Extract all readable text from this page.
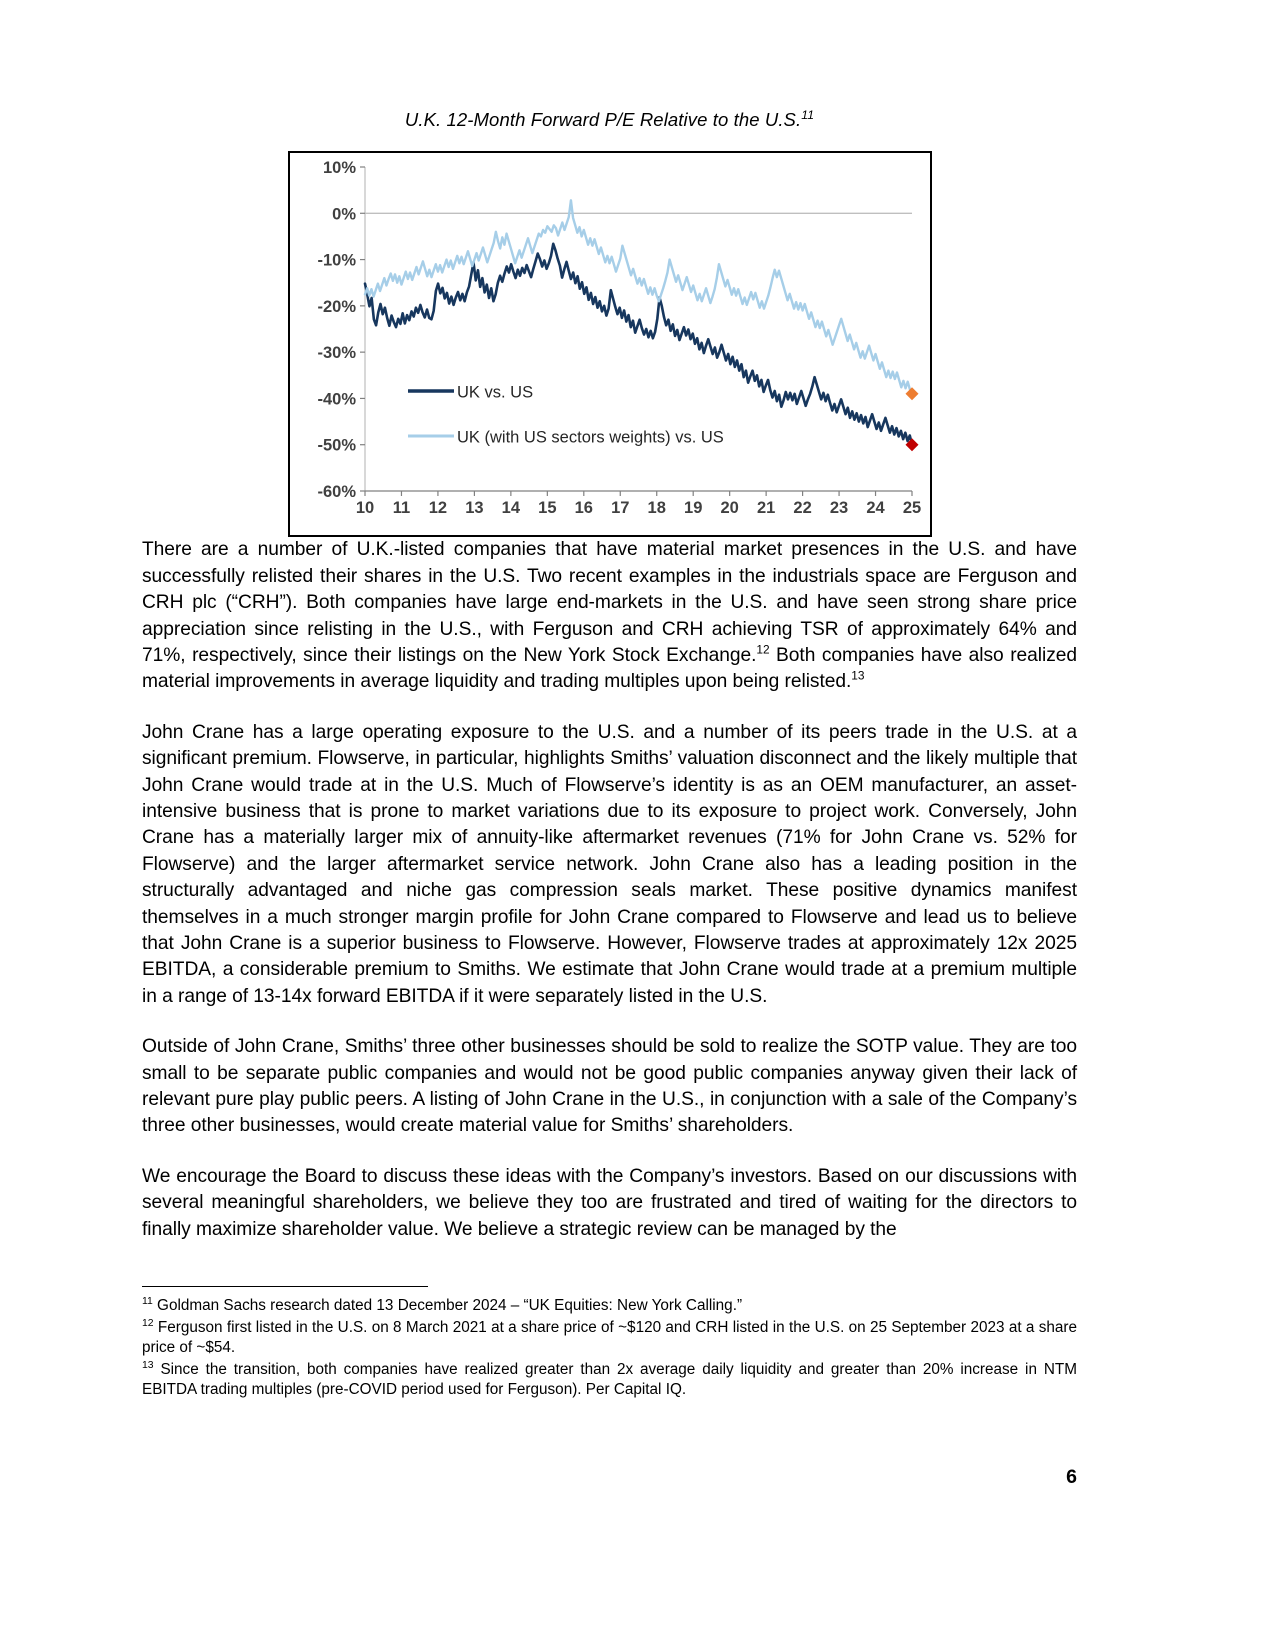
U.K. 12-Month Forward P/E Relative to the U.S.$^{11}$
10%
0%
-10%
-20%
-30%
-40%
-50%
-60%
10 11 12 13 14 15 16 17 18 19 20 21 22 23 24 25
UK vs. US
UK (with US sectors weights) vs. US

There are a number of U.K.-listed companies that have material market presences in the U.S. and have successfully relisted their shares in the U.S. Two recent examples in the industrials space are Ferguson and CRH plc (“CRH”). Both companies have large end-markets in the U.S. and have seen strong share price appreciation since relisting in the U.S., with Ferguson and CRH achieving TSR of approximately 64% and 71%, respectively, since their listings on the New York Stock Exchange.$^{12}$ Both companies have also realized material improvements in average liquidity and trading multiples upon being relisted.$^{13}$

John Crane has a large operating exposure to the U.S. and a number of its peers trade in the U.S. at a significant premium. Flowserve, in particular, highlights Smiths’ valuation disconnect and the likely multiple that John Crane would trade at in the U.S. Much of Flowserve’s identity is as an OEM manufacturer, an asset-intensive business that is prone to market variations due to its exposure to project work. Conversely, John Crane has a materially larger mix of annuity-like aftermarket revenues (71% for John Crane vs. 52% for Flowserve) and the larger aftermarket service network. John Crane also has a leading position in the structurally advantaged and niche gas compression seals market. These positive dynamics manifest themselves in a much stronger margin profile for John Crane compared to Flowserve and lead us to believe that John Crane is a superior business to Flowserve. However, Flowserve trades at approximately 12x 2025 EBITDA, a considerable premium to Smiths. We estimate that John Crane would trade at a premium multiple in a range of 13-14x forward EBITDA if it were separately listed in the U.S.

Outside of John Crane, Smiths’ three other businesses should be sold to realize the SOTP value. They are too small to be separate public companies and would not be good public companies anyway given their lack of relevant pure play public peers. A listing of John Crane in the U.S., in conjunction with a sale of the Company’s three other businesses, would create material value for Smiths’ shareholders.

We encourage the Board to discuss these ideas with the Company’s investors. Based on our discussions with several meaningful shareholders, we believe they too are frustrated and tired of waiting for the directors to finally maximize shareholder value. We believe a strategic review can be managed by the

$^{11}$ Goldman Sachs research dated 13 December 2024 – “UK Equities: New York Calling.”

$^{12}$ Ferguson first listed in the U.S. on 8 March 2021 at a share price of ~$120 and CRH listed in the U.S. on 25 September 2023 at a share price of ~$54.

$^{13}$ Since the transition, both companies have realized greater than 2x average daily liquidity and greater than 20% increase in NTM EBITDA trading multiples (pre-COVID period used for Ferguson). Per Capital IQ.

6
